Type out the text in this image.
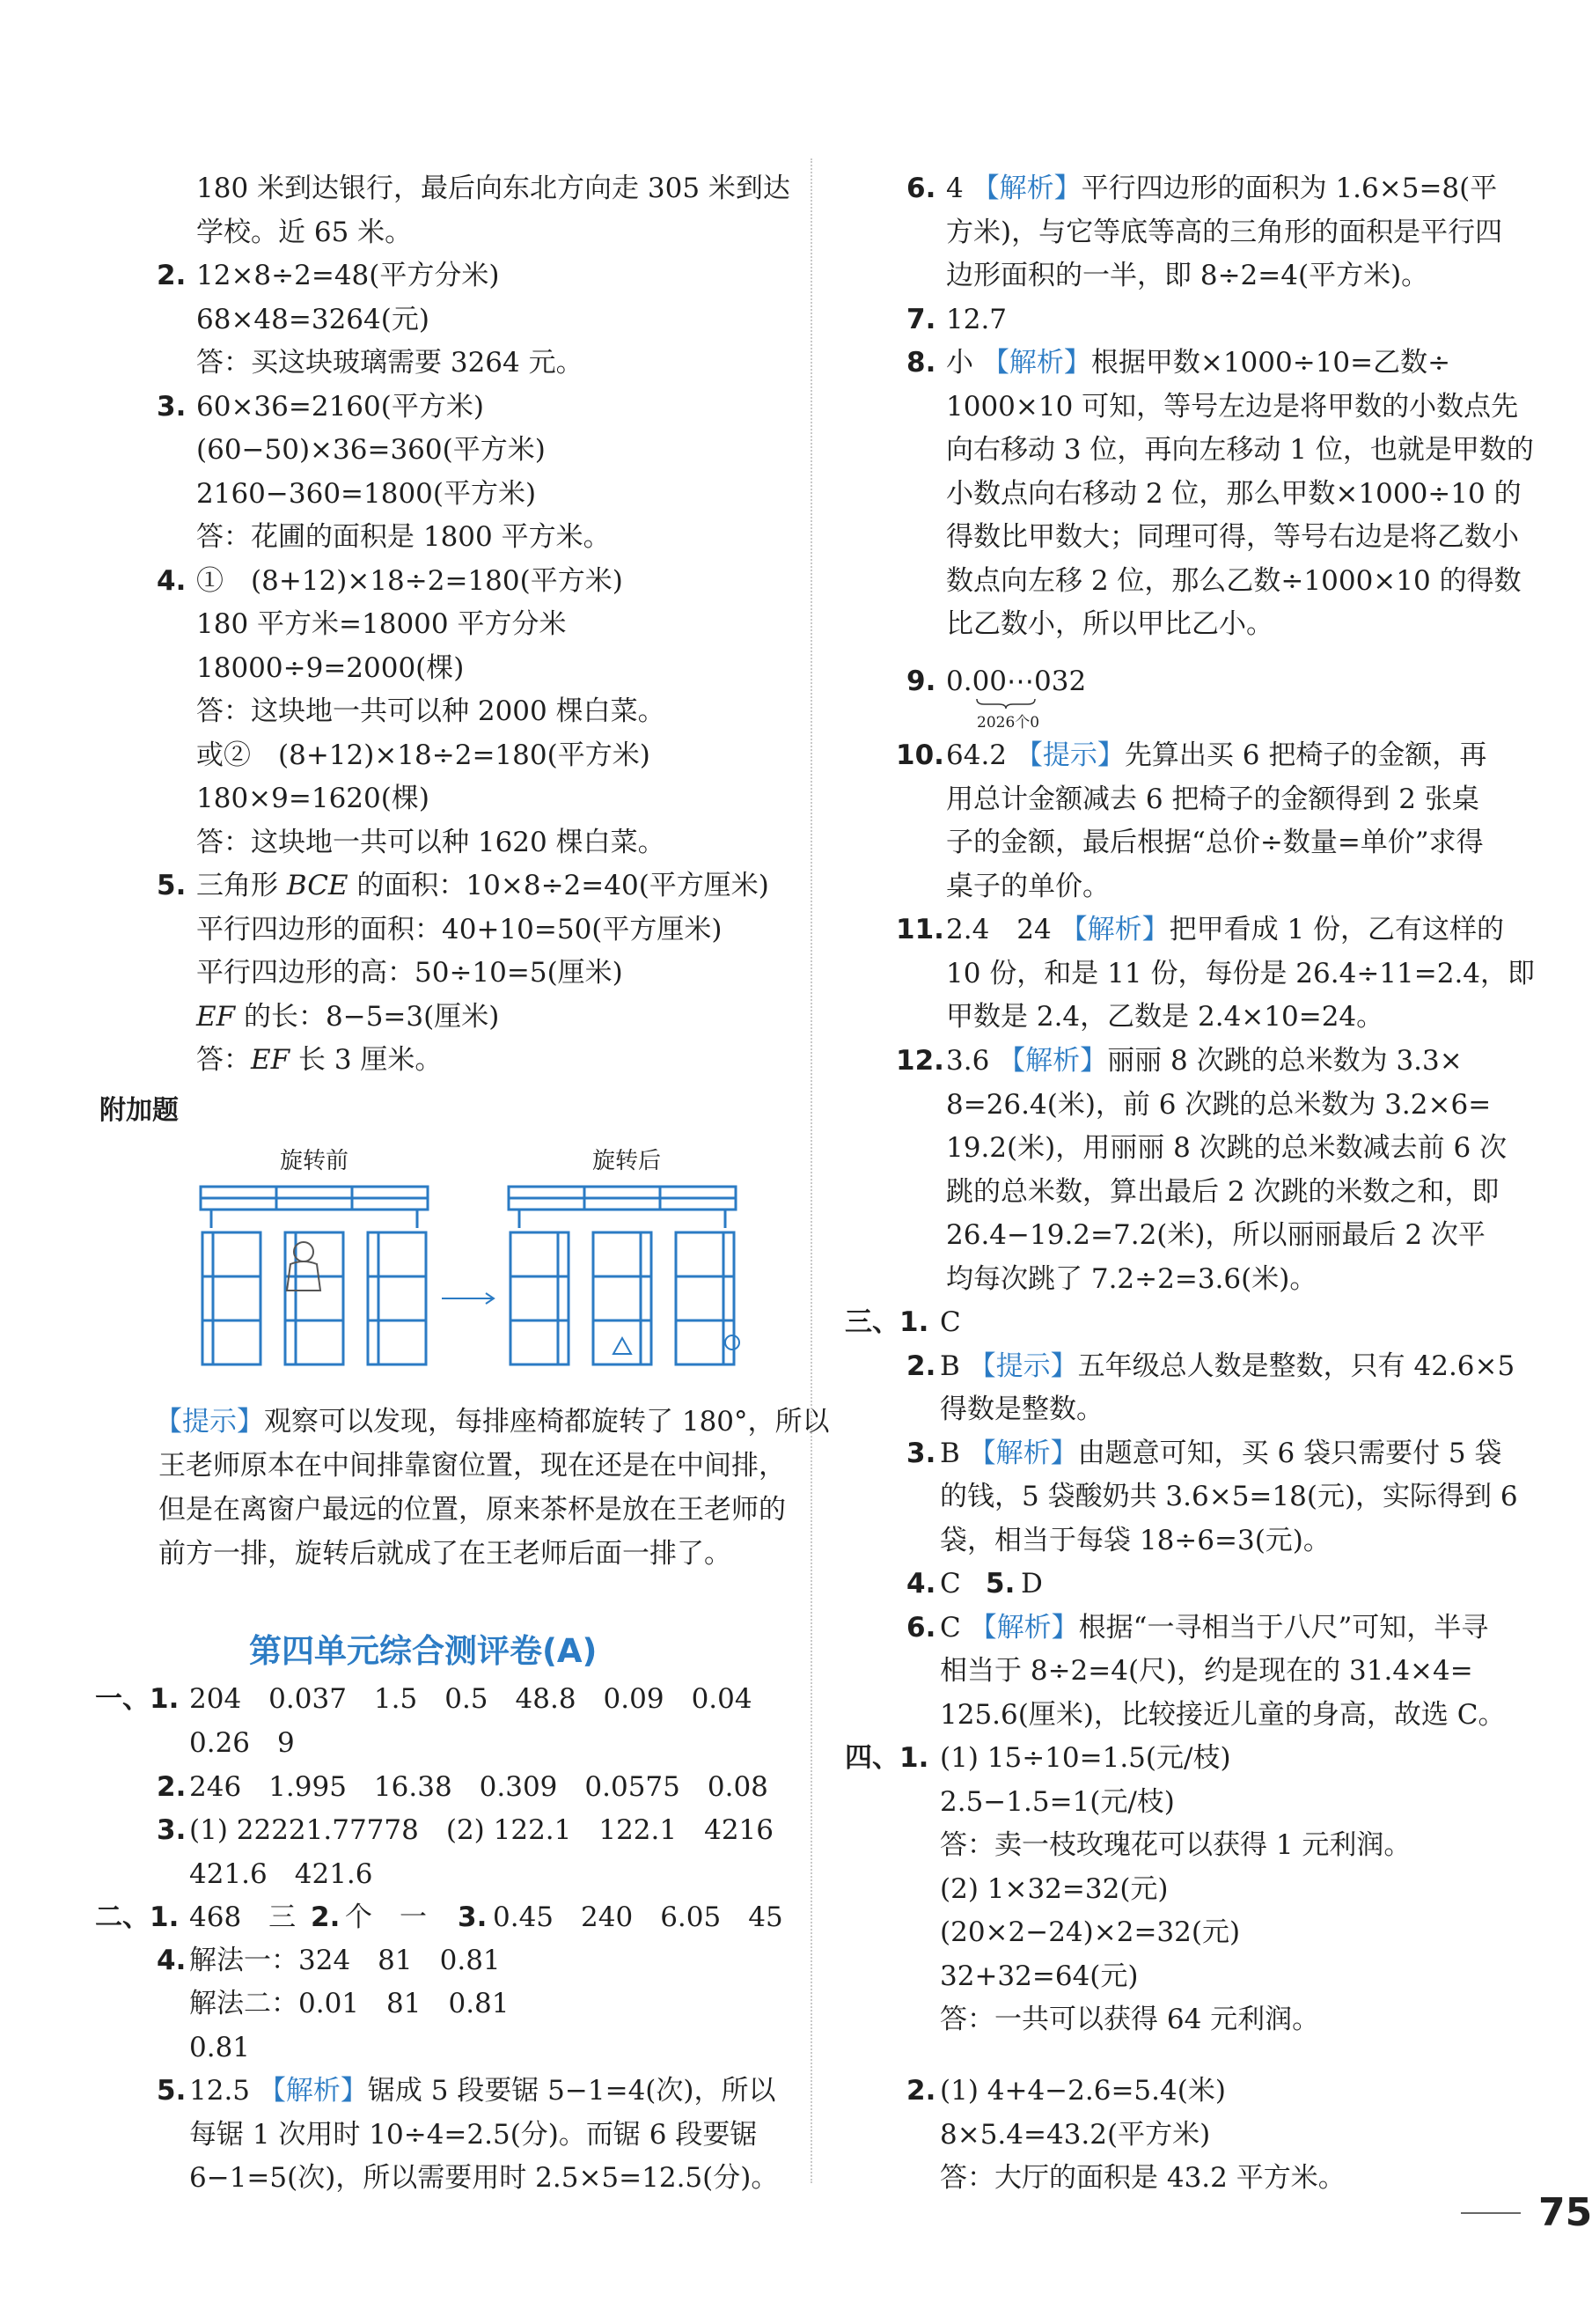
180 米到达银行，最后向东北方向走 305 米到达
学校。近 65 米。
2. 12×8÷2=48(平方分米)
68×48=3264(元)
答：买这块玻璃需要 3264 元。
3. 60×36=2160(平方米)
(60−50)×36=360(平方米)
2160−360=1800(平方米)
答：花圃的面积是 1800 平方米。
4. ①　(8+12)×18÷2=180(平方米)
180 平方米=18000 平方分米
18000÷9=2000(棵)
答：这块地一共可以种 2000 棵白菜。
或②　(8+12)×18÷2=180(平方米)
180×9=1620(棵)
答：这块地一共可以种 1620 棵白菜。
5. 三角形 BCE 的面积：10×8÷2=40(平方厘米)
平行四边形的面积：40+10=50(平方厘米)
平行四边形的高：50÷10=5(厘米)
EF 的长：8−5=3(厘米)
答：EF 长 3 厘米。
附加题
旋转前	旋转后
【提示】观察可以发现，每排座椅都旋转了 180°，所以
王老师原本在中间排靠窗位置，现在还是在中间排，
但是在离窗户最远的位置，原来茶杯是放在王老师的
前方一排，旋转后就成了在王老师后面一排了。
第四单元综合测评卷(A)
一、1. 204　0.037　1.5　0.5　48.8　0.09　0.04
0.26　9
2. 246　1.995　16.38　0.309　0.0575　0.08
3. (1) 22221.77778　(2) 122.1　122.1　4216
421.6　421.6
二、1. 468　三 2. 个　一 3. 0.45　240　6.05　45
4. 解法一：324　81　0.81
解法二：0.01　81　0.81
0.81
5. 12.5 【解析】锯成 5 段要锯 5−1=4(次)，所以
每锯 1 次用时 10÷4=2.5(分)。而锯 6 段要锯
6−1=5(次)，所以需要用时 2.5×5=12.5(分)。
6. 4 【解析】平行四边形的面积为 1.6×5=8(平
方米)，与它等底等高的三角形的面积是平行四
边形面积的一半，即 8÷2=4(平方米)。
7. 12.7
8. 小 【解析】根据甲数×1000÷10=乙数÷
1000×10 可知，等号左边是将甲数的小数点先
向右移动 3 位，再向左移动 1 位，也就是甲数的
小数点向右移动 2 位，那么甲数×1000÷10 的
得数比甲数大；同理可得，等号右边是将乙数小
数点向左移 2 位，那么乙数÷1000×10 的得数
比乙数小，所以甲比乙小。
9. 0.00⋯032
2026个0
10. 64.2 【提示】先算出买 6 把椅子的金额，再
用总计金额减去 6 把椅子的金额得到 2 张桌
子的金额，最后根据“总价÷数量=单价”求得
桌子的单价。
11. 2.4　24 【解析】把甲看成 1 份，乙有这样的
10 份，和是 11 份，每份是 26.4÷11=2.4，即
甲数是 2.4，乙数是 2.4×10=24。
12. 3.6 【解析】丽丽 8 次跳的总米数为 3.3×
8=26.4(米)，前 6 次跳的总米数为 3.2×6=
19.2(米)，用丽丽 8 次跳的总米数减去前 6 次
跳的总米数，算出最后 2 次跳的米数之和，即
26.4−19.2=7.2(米)，所以丽丽最后 2 次平
均每次跳了 7.2÷2=3.6(米)。
三、1. C
2. B 【提示】五年级总人数是整数，只有 42.6×5
得数是整数。
3. B 【解析】由题意可知，买 6 袋只需要付 5 袋
的钱，5 袋酸奶共 3.6×5=18(元)，实际得到 6
袋，相当于每袋 18÷6=3(元)。
4. C 5. D
6. C 【解析】根据“一寻相当于八尺”可知，半寻
相当于 8÷2=4(尺)，约是现在的 31.4×4=
125.6(厘米)，比较接近儿童的身高，故选 C。
四、1. (1) 15÷10=1.5(元/枝)
2.5−1.5=1(元/枝)
答：卖一枝玫瑰花可以获得 1 元利润。
(2) 1×32=32(元)
(20×2−24)×2=32(元)
32+32=64(元)
答：一共可以获得 64 元利润。
2. (1) 4+4−2.6=5.4(米)
8×5.4=43.2(平方米)
答：大厅的面积是 43.2 平方米。
75
